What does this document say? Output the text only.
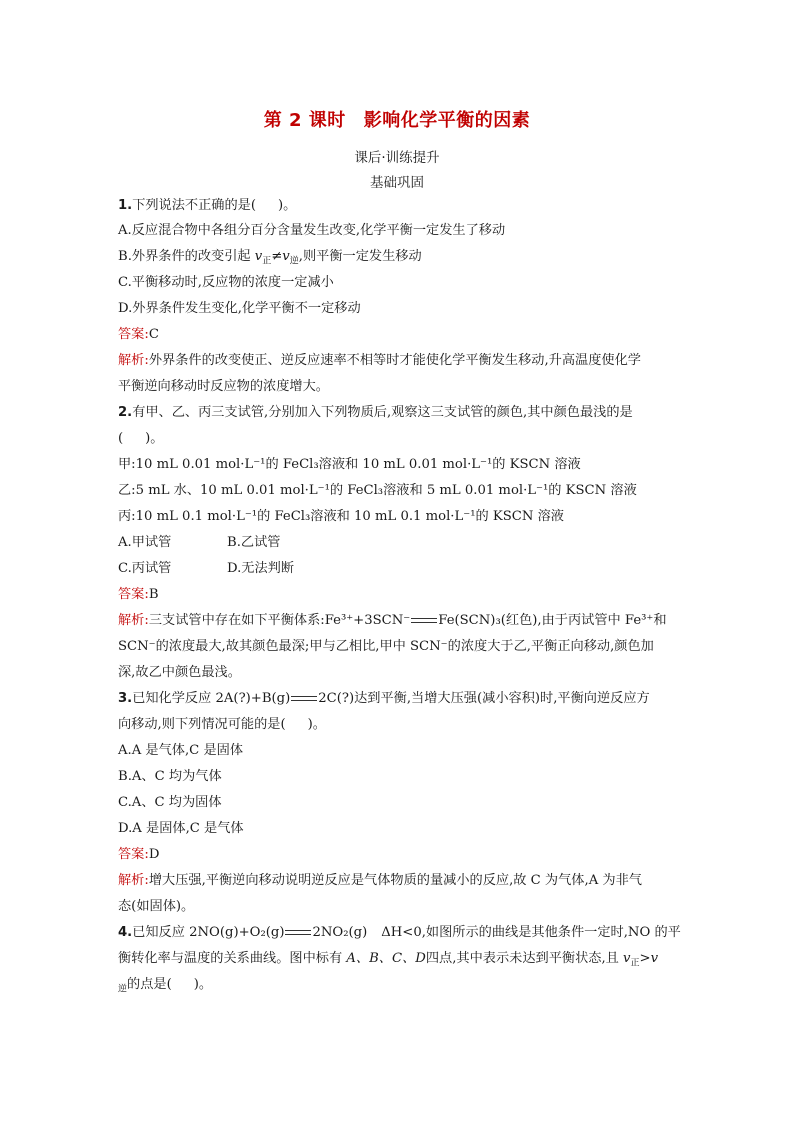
第 2 课时 影响化学平衡的因素
课后·训练提升
基础巩固
1.下列说法不正确的是( )。
A.反应混合物中各组分百分含量发生改变,化学平衡一定发生了移动
B.外界条件的改变引起 $v_正\ne v_逆$,则平衡一定发生移动
C.平衡移动时,反应物的浓度一定减小
D.外界条件发生变化,化学平衡不一定移动
答案:C
解析:外界条件的改变使正、逆反应速率不相等时才能使化学平衡发生移动,升高温度使化学
平衡逆向移动时反应物的浓度增大。
2.有甲、乙、丙三支试管,分别加入下列物质后,观察这三支试管的颜色,其中颜色最浅的是
( )。
甲:10 mL 0.01 mol·L⁻¹的 FeCl₃溶液和 10 mL 0.01 mol·L⁻¹的 KSCN 溶液
乙:5 mL 水、10 mL 0.01 mol·L⁻¹的 FeCl₃溶液和 5 mL 0.01 mol·L⁻¹的 KSCN 溶液
丙:10 mL 0.1 mol·L⁻¹的 FeCl₃溶液和 10 mL 0.1 mol·L⁻¹的 KSCN 溶液
A.甲试管	B.乙试管
C.丙试管	D.无法判断
答案:B
解析:三支试管中存在如下平衡体系:Fe³⁺+3SCN⁻ Fe(SCN)₃(红色),由于丙试管中 Fe³⁺和
SCN⁻的浓度最大,故其颜色最深;甲与乙相比,甲中 SCN⁻的浓度大于乙,平衡正向移动,颜色加
深,故乙中颜色最浅。
3.已知化学反应 2A(?)+B(g) 2C(?)达到平衡,当增大压强(减小容积)时,平衡向逆反应方
向移动,则下列情况可能的是( )。
A.A 是气体,C 是固体
B.A、C 均为气体
C.A、C 均为固体
D.A 是固体,C 是气体
答案:D
解析:增大压强,平衡逆向移动说明逆反应是气体物质的量减小的反应,故 C 为气体,A 为非气
态(如固体)。
4.已知反应 2NO(g)+O₂(g) 2NO₂(g) ΔH<0,如图所示的曲线是其他条件一定时,NO 的平
衡转化率与温度的关系曲线。图中标有 A、B、C、D四点,其中表示未达到平衡状态,且 $v_正>v$
$_逆$的点是( )。
